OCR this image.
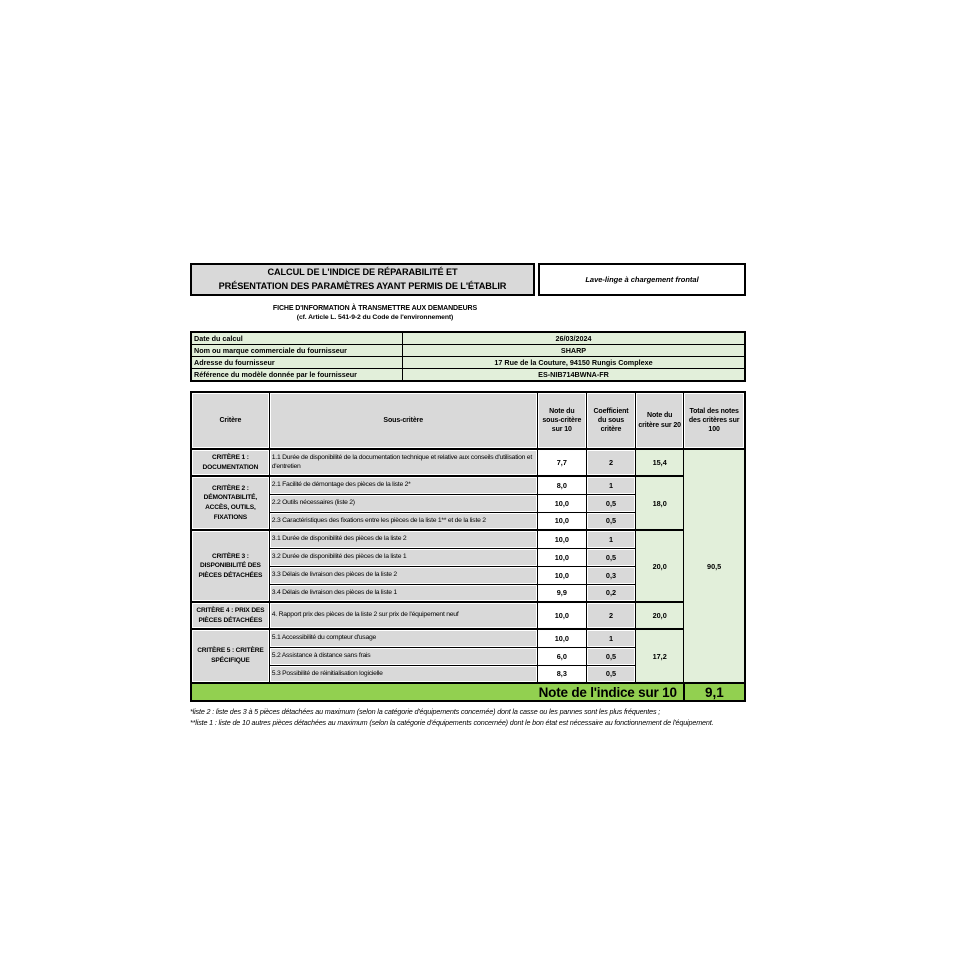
CALCUL DE L'INDICE DE RÉPARABILITÉ ET
PRÉSENTATION DES PARAMÈTRES AYANT PERMIS DE L'ÉTABLIR
Lave-linge à chargement frontal
FICHE D'INFORMATION À TRANSMETTRE AUX DEMANDEURS
(cf. Article L. 541-9-2 du Code de l'environnement)
Date du calcul	26/03/2024
Nom ou marque commerciale du fournisseur	SHARP
Adresse du fournisseur	17 Rue de la Couture, 94150 Rungis Complexe
Référence du modèle donnée par le fournisseur	ES-NIB714BWNA-FR
Critère	Sous-critère	Note du sous-critère sur 10	Coefficient du sous critère	Note du critère sur 20	Total des notes des critères sur 100
CRITÈRE 1 : DOCUMENTATION	1.1 Durée de disponibilité de la documentation technique et relative aux conseils d'utilisation et d'entretien	7,7	2	15,4	90,5
CRITÈRE 2 : DÉMONTABILITÉ, ACCÈS, OUTILS, FIXATIONS	2.1 Facilité de démontage des pièces de la liste 2*	8,0	1	18,0	
	2.2 Outils nécessaires (liste 2)	10,0	0,5		
	2.3 Caractéristiques des fixations entre les pièces de la liste 1** et de la liste 2	10,0	0,5		
CRITÈRE 3 : DISPONIBILITÉ DES PIÈCES DÉTACHÉES	3.1 Durée de disponibilité des pièces de la liste 2	10,0	1	20,0	
	3.2 Durée de disponibilité des pièces de la liste 1	10,0	0,5		
	3.3 Délais de livraison des pièces de la liste 2	10,0	0,3		
	3.4 Délais de livraison des pièces de la liste 1	9,9	0,2		
CRITÈRE 4 : PRIX DES PIÈCES DÉTACHÉES	4. Rapport prix des pièces de la liste 2 sur prix de l'équipement neuf	10,0	2	20,0	
CRITÈRE 5 : CRITÈRE SPÉCIFIQUE	5.1 Accessibilité du compteur d'usage	10,0	1	17,2	
	5.2 Assistance à distance sans frais	6,0	0,5		
	5.3 Possibilité de réinitialisation logicielle	8,3	0,5		
Note de l'indice sur 10					9,1
*liste 2 : liste des 3 à 5 pièces détachées au maximum (selon la catégorie d'équipements concernée) dont la casse ou les pannes sont les plus fréquentes ;
**liste 1 : liste de 10 autres pièces détachées au maximum (selon la catégorie d'équipements concernée) dont le bon état est nécessaire au fonctionnement de l'équipement.
